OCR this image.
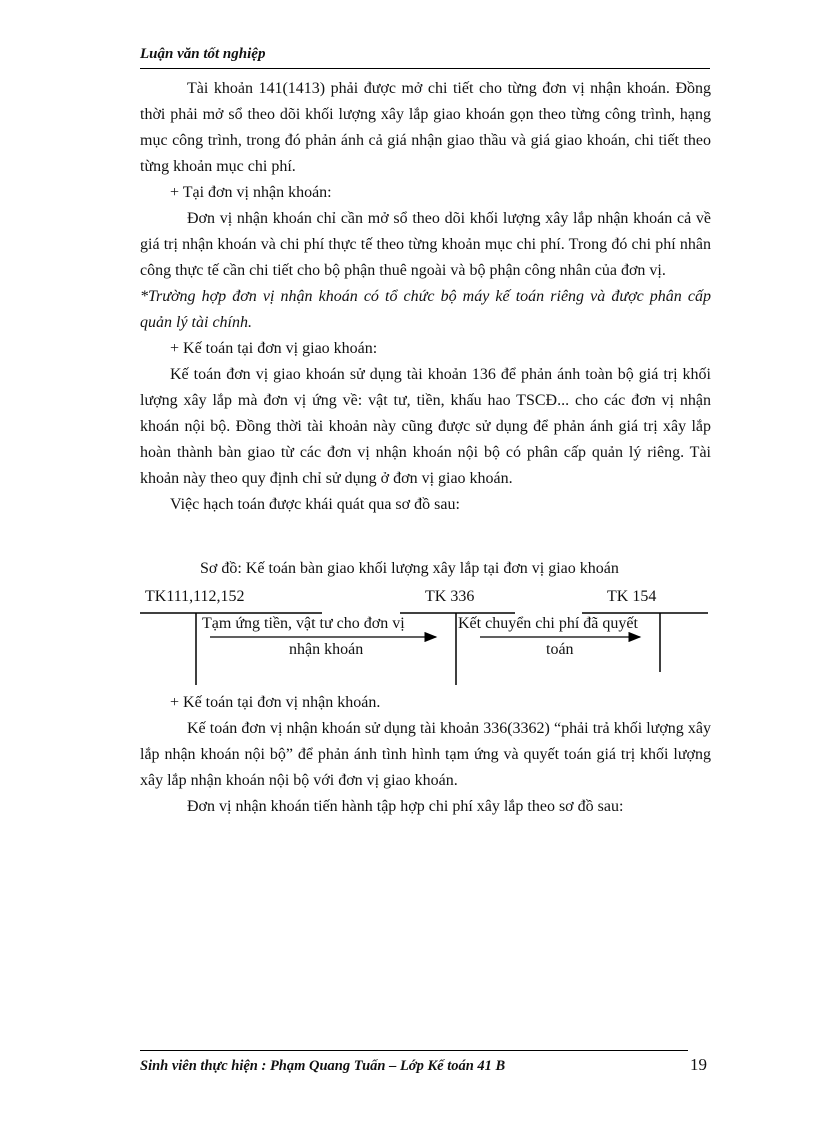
Luận văn tốt nghiệp

Tài khoản 141(1413) phải được mở chi tiết cho từng đơn vị nhận khoán. Đồng thời phải mở sổ theo dõi khối lượng xây lắp giao khoán gọn theo từng công trình, hạng mục công trình, trong đó phản ánh cả giá nhận giao thầu và giá giao khoán, chi tiết theo từng khoản mục chi phí.

+ Tại đơn vị nhận khoán:

Đơn vị nhận khoán chỉ cần mở sổ theo dõi khối lượng xây lắp nhận khoán cả về giá trị nhận khoán và chi phí thực tế theo từng khoản mục chi phí. Trong đó chi phí nhân công thực tế cần chi tiết cho bộ phận thuê ngoài và bộ phận công nhân của đơn vị.

*Trường hợp đơn vị nhận khoán có tổ chức bộ máy kế toán riêng và được phân cấp quản lý tài chính.

+ Kế toán tại đơn vị giao khoán:

Kế toán đơn vị giao khoán sử dụng tài khoản 136 để phản ánh toàn bộ giá trị khối lượng xây lắp mà đơn vị ứng về: vật tư, tiền, khấu hao TSCĐ... cho các đơn vị nhận khoán nội bộ. Đồng thời tài khoản này cũng được sử dụng để phản ánh giá trị xây lắp hoàn thành bàn giao từ các đơn vị nhận khoán nội bộ có phân cấp quản lý riêng. Tài khoản này theo quy định chỉ sử dụng ở đơn vị giao khoán.

Việc hạch toán được khái quát qua sơ đồ sau:

Sơ đồ: Kế toán bàn giao khối lượng xây lắp tại đơn vị giao khoán
TK111,112,152	TK 336	TK 154
Tạm ứng tiền, vật tư cho đơn vị
nhận khoán
Kết chuyển chi phí đã quyết
toán

+ Kế toán tại đơn vị nhận khoán.

Kế toán đơn vị nhận khoán sử dụng tài khoản 336(3362) “phải trả khối lượng xây lắp nhận khoán nội bộ” để phản ánh tình hình tạm ứng và quyết toán giá trị khối lượng xây lắp nhận khoán nội bộ với đơn vị giao khoán.

Đơn vị nhận khoán tiến hành tập hợp chi phí xây lắp theo sơ đồ sau:

Sinh viên thực hiện : Phạm Quang Tuấn – Lớp Kế toán 41 B	19
